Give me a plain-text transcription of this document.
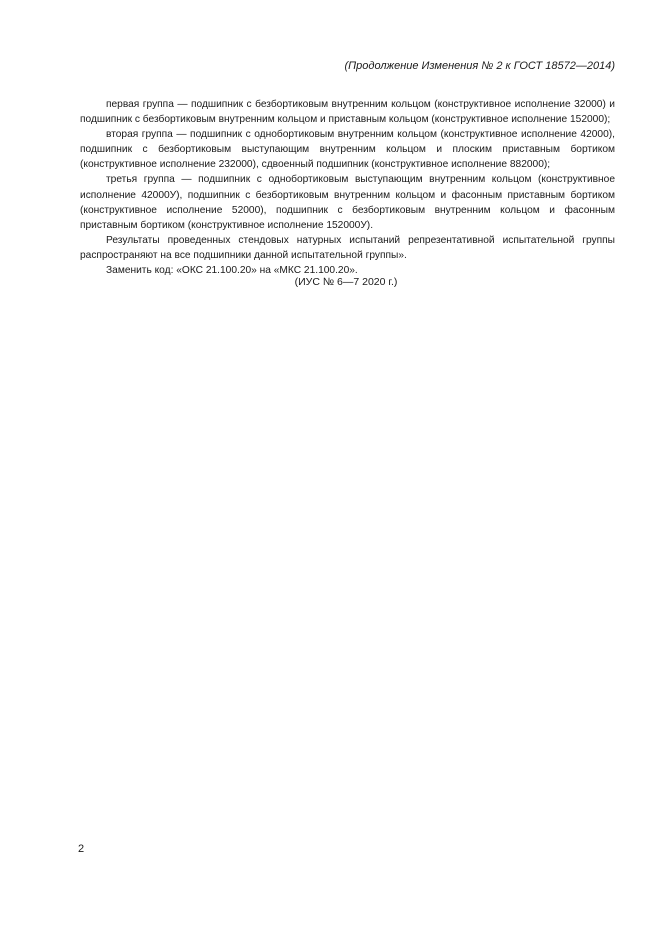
(Продолжение Изменения № 2 к ГОСТ 18572—2014)

первая группа — подшипник с безбортиковым внутренним кольцом (конструктивное исполнение 32000) и подшипник с безбортиковым внутренним кольцом и приставным кольцом (конструктивное исполнение 152000);

вторая группа — подшипник с однобортиковым внутренним кольцом (конструктивное исполнение 42000), подшипник с безбортиковым выступающим внутренним кольцом и плоским приставным бортиком (конструктивное исполнение 232000), сдвоенный подшипник (конструктивное исполнение 882000);

третья группа — подшипник с однобортиковым выступающим внутренним кольцом (конструктивное исполнение 42000У), подшипник с безбортиковым внутренним кольцом и фасонным приставным бортиком (конструктивное исполнение 52000), подшипник с безбортиковым внутренним кольцом и фасонным приставным бортиком (конструктивное исполнение 152000У).

Результаты проведенных стендовых натурных испытаний репрезентативной испытательной группы распространяют на все подшипники данной испытательной группы».

Заменить код: «ОКС 21.100.20» на «МКС 21.100.20».

(ИУС № 6—7 2020 г.)
2
